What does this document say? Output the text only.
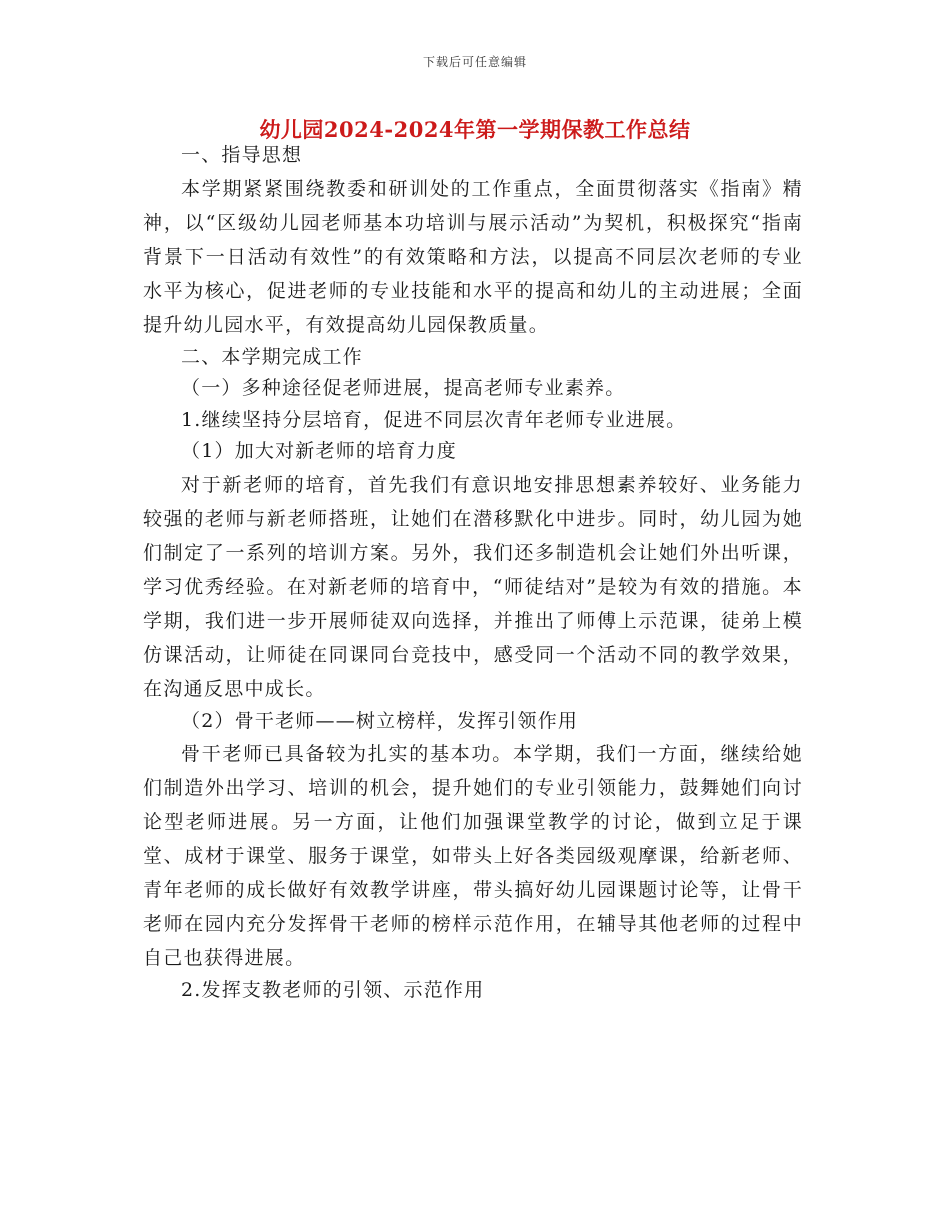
下载后可任意编辑
幼儿园2024-2024年第一学期保教工作总结

一、指导思想

本学期紧紧围绕教委和研训处的工作重点，全面贯彻落实《指南》精神，以“区级幼儿园老师基本功培训与展示活动”为契机，积极探究“指南背景下一日活动有效性”的有效策略和方法，以提高不同层次老师的专业水平为核心，促进老师的专业技能和水平的提高和幼儿的主动进展；全面提升幼儿园水平，有效提高幼儿园保教质量。

二、本学期完成工作

（一）多种途径促老师进展，提高老师专业素养。

1.继续坚持分层培育，促进不同层次青年老师专业进展。

（1）加大对新老师的培育力度

对于新老师的培育，首先我们有意识地安排思想素养较好、业务能力较强的老师与新老师搭班，让她们在潜移默化中进步。同时，幼儿园为她们制定了一系列的培训方案。另外，我们还多制造机会让她们外出听课，学习优秀经验。在对新老师的培育中，“师徒结对”是较为有效的措施。本学期，我们进一步开展师徒双向选择，并推出了师傅上示范课，徒弟上模仿课活动，让师徒在同课同台竞技中，感受同一个活动不同的教学效果，在沟通反思中成长。

（2）骨干老师——树立榜样，发挥引领作用

骨干老师已具备较为扎实的基本功。本学期，我们一方面，继续给她们制造外出学习、培训的机会，提升她们的专业引领能力，鼓舞她们向讨论型老师进展。另一方面，让他们加强课堂教学的讨论，做到立足于课堂、成材于课堂、服务于课堂，如带头上好各类园级观摩课，给新老师、青年老师的成长做好有效教学讲座，带头搞好幼儿园课题讨论等，让骨干老师在园内充分发挥骨干老师的榜样示范作用，在辅导其他老师的过程中自己也获得进展。

2.发挥支教老师的引领、示范作用
